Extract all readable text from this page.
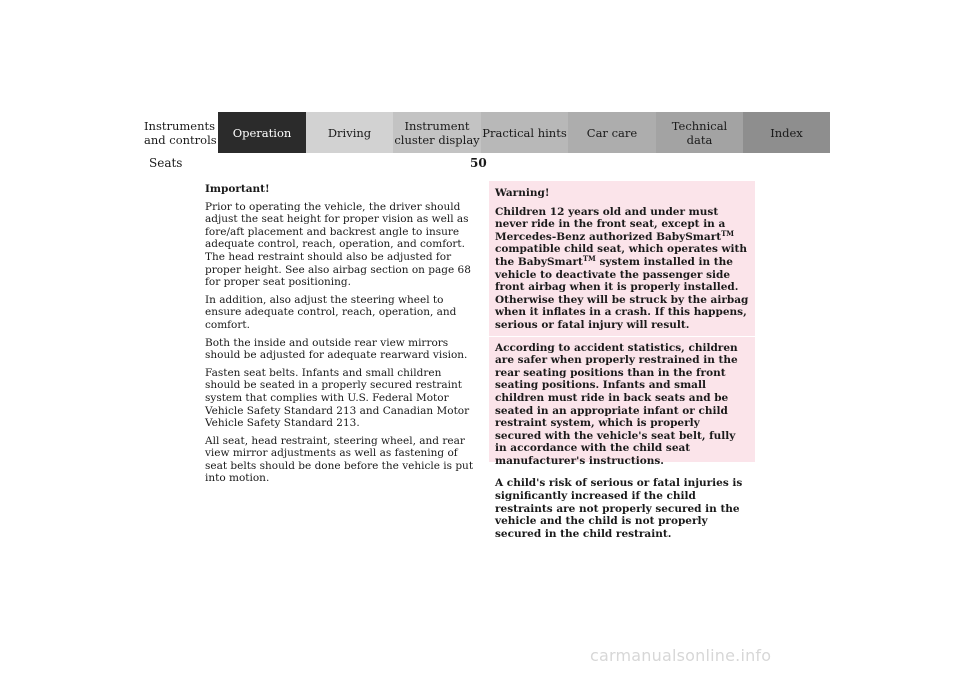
Instruments
and controls Operation	Driving	Instrument
cluster display Practical hints Car care	Technical
data	Index
Seats	50
Important!

Prior to operating the vehicle, the driver should adjust the seat height for proper vision as well as fore/aft placement and backrest angle to insure adequate control, reach, operation, and comfort. The head restraint should also be adjusted for proper height. See also airbag section on page 68 for proper seat positioning.

In addition, also adjust the steering wheel to ensure adequate control, reach, operation, and comfort.

Both the inside and outside rear view mirrors should be adjusted for adequate rearward vision.

Fasten seat belts. Infants and small children should be seated in a properly secured restraint system that complies with U.S. Federal Motor Vehicle Safety Standard 213 and Canadian Motor Vehicle Safety Standard 213.

All seat, head restraint, steering wheel, and rear view mirror adjustments as well as fastening of seat belts should be done before the vehicle is put into motion.

Warning!

Children 12 years old and under must never ride in the front seat, except in a Mercedes-Benz authorized BabySmart™ compatible child seat, which operates with the BabySmart™ system installed in the vehicle to deactivate the passenger side front airbag when it is properly installed. Otherwise they will be struck by the airbag when it inflates in a crash. If this happens, serious or fatal injury will result.

According to accident statistics, children are safer when properly restrained in the rear seating positions than in the front seating positions. Infants and small children must ride in back seats and be seated in an appropriate infant or child restraint system, which is properly secured with the vehicle's seat belt, fully in accordance with the child seat manufacturer's instructions.

A child's risk of serious or fatal injuries is significantly increased if the child restraints are not properly secured in the vehicle and the child is not properly secured in the child restraint.

carmanualsonline.info
